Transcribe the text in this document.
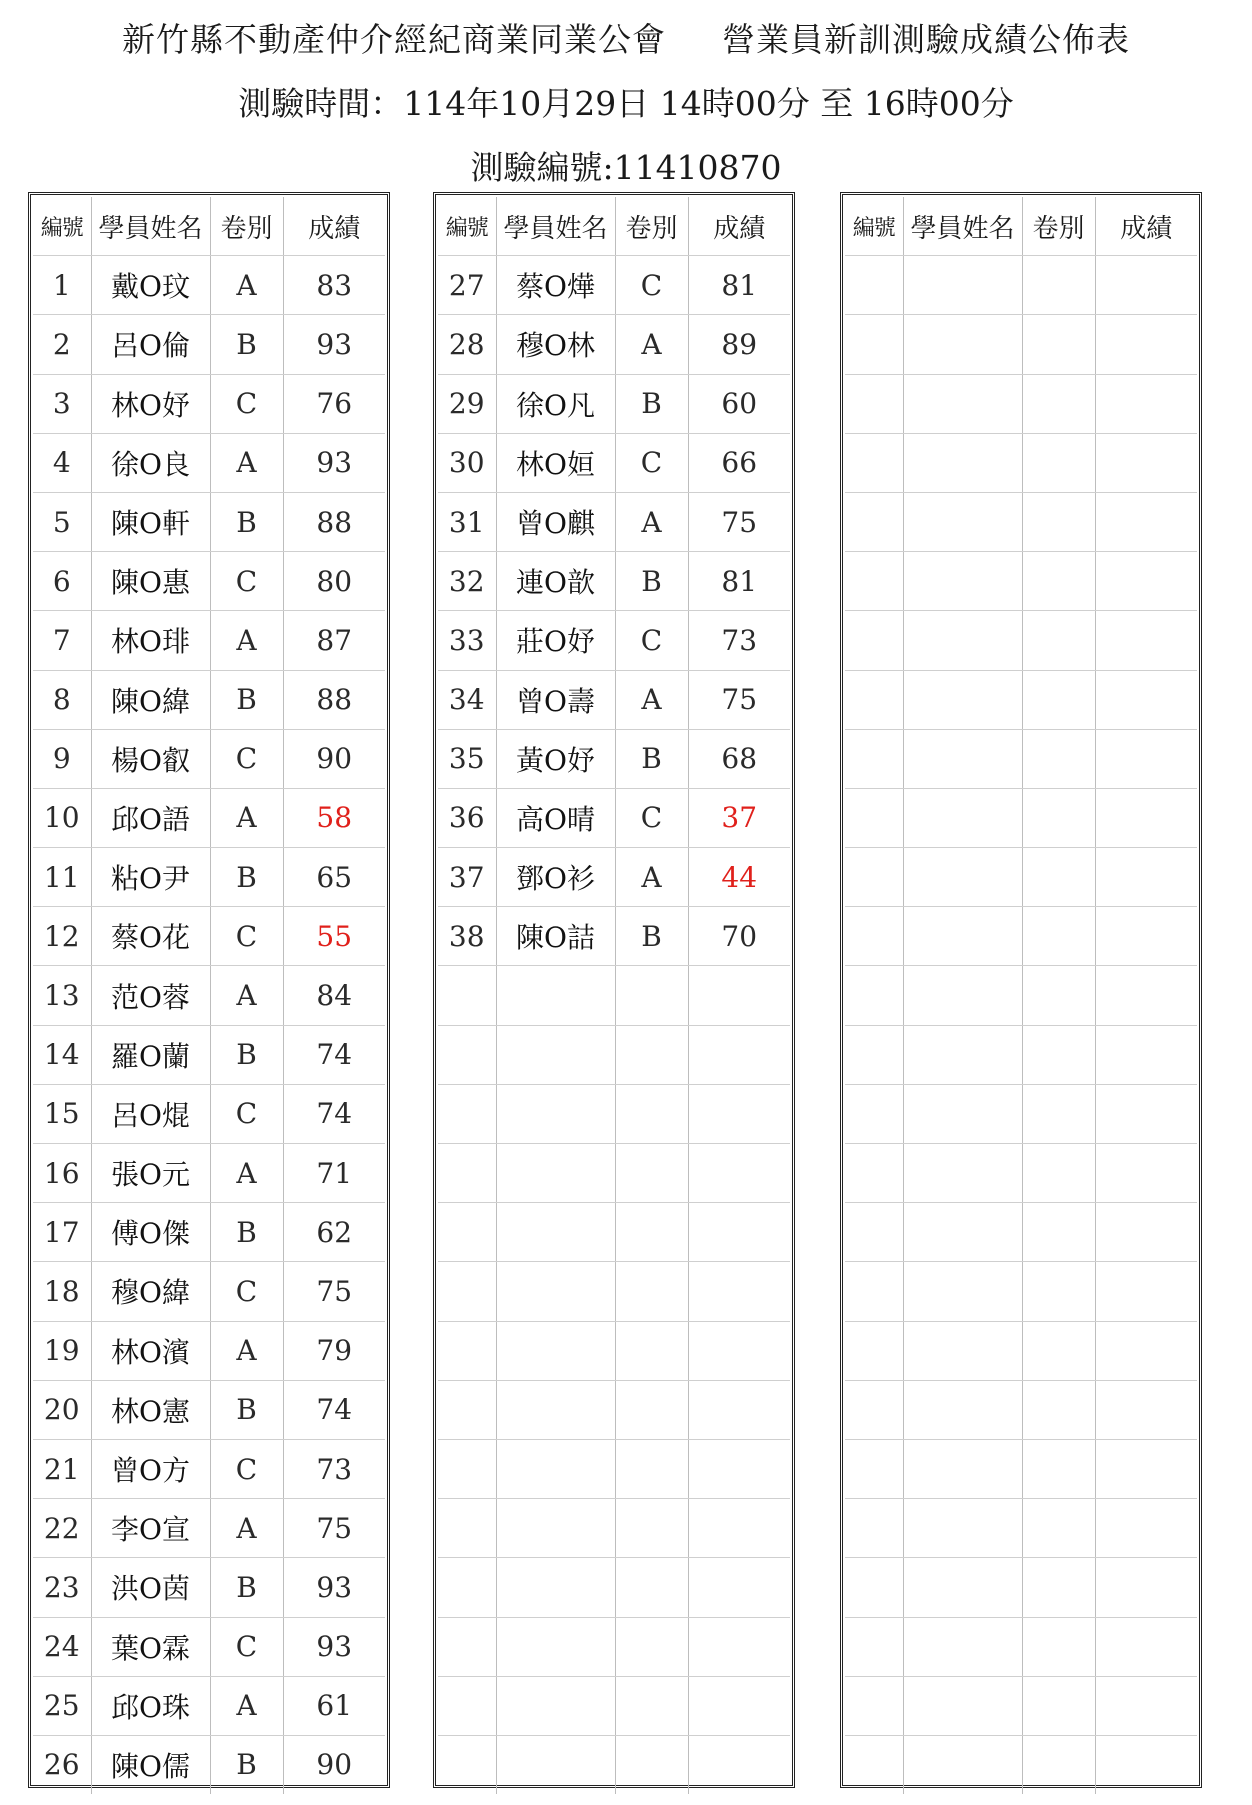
新竹縣不動產仲介經紀商業同業公會 營業員新訓測驗成績公佈表
測驗時間：114年10月29日 14時00分 至 16時00分
測驗編號:11410870
編號	學員姓名	卷別	成績
1	戴O玟	A	83
2	呂O倫	B	93
3	林O妤	C	76
4	徐O良	A	93
5	陳O軒	B	88
6	陳O惠	C	80
7	林O琲	A	87
8	陳O緯	B	88
9	楊O叡	C	90
10	邱O語	A	58
11	粘O尹	B	65
12	蔡O花	C	55
13	范O蓉	A	84
14	羅O蘭	B	74
15	呂O焜	C	74
16	張O元	A	71
17	傅O傑	B	62
18	穆O緯	C	75
19	林O濱	A	79
20	林O憲	B	74
21	曾O方	C	73
22	李O宣	A	75
23	洪O茵	B	93
24	葉O霖	C	93
25	邱O珠	A	61
26	陳O儒	B	90
編號	學員姓名	卷別	成績
27	蔡O燁	C	81
28	穆O林	A	89
29	徐O凡	B	60
30	林O姮	C	66
31	曾O麒	A	75
32	連O歆	B	81
33	莊O妤	C	73
34	曾O壽	A	75
35	黃O妤	B	68
36	高O晴	C	37
37	鄧O衫	A	44
38	陳O詰	B	70

編號	學員姓名	卷別	成績
